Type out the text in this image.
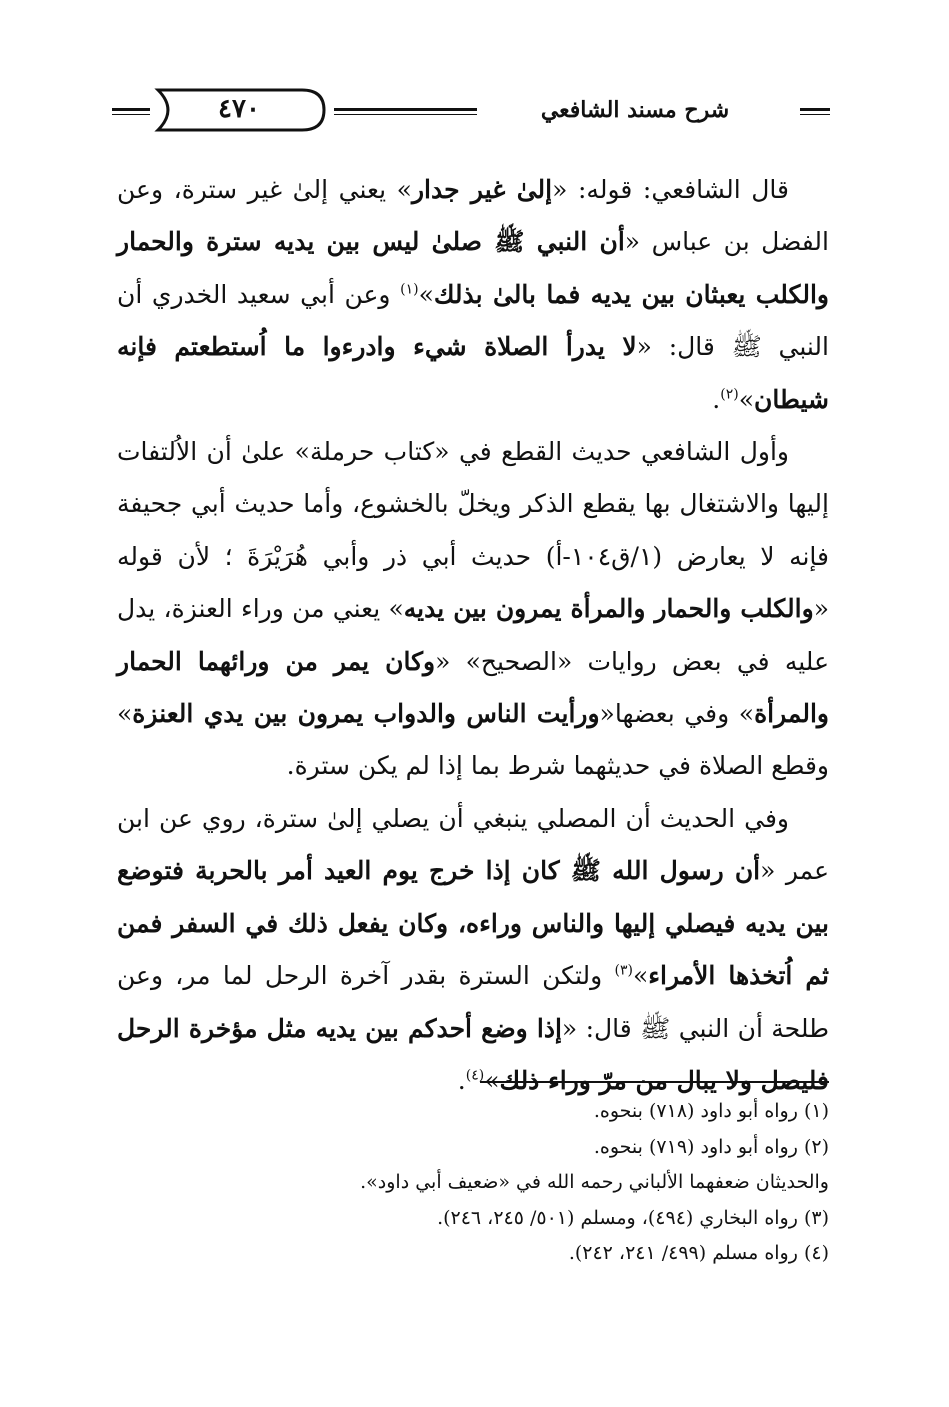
شرح مسند الشافعي
٤٧٠

قال الشافعي: قوله: «إلىٰ غير جدار» يعني إلىٰ غير سترة، وعن الفضل بن عباس «أن النبي ﷺ صلىٰ ليس بين يديه سترة والحمار والكلب يعبثان بين يديه فما بالىٰ بذلك»$^{(١)}$ وعن أبي سعيد الخدري أن النبي ﷺ قال: «لا يدرأ الصلاة شيء وادرءوا ما اُستطعتم فإنه شيطان»$^{(٢)}$.

وأول الشافعي حديث القطع في «كتاب حرملة» علىٰ أن الاُلتفات إليها والاشتغال بها يقطع الذكر ويخلّ بالخشوع، وأما حديث أبي جحيفة فإنه لا يعارض (١/ق١٠٤-أ) حديث أبي ذر وأبي هُرَيْرَةَ ؛ لأن قوله «والكلب والحمار والمرأة يمرون بين يديه» يعني من وراء العنزة، يدل عليه في بعض روايات «الصحيح» «وكان يمر من ورائهما الحمار والمرأة» وفي بعضها«ورأيت الناس والدواب يمرون بين يدي العنزة» وقطع الصلاة في حديثهما شرط بما إذا لم يكن سترة.

وفي الحديث أن المصلي ينبغي أن يصلي إلىٰ سترة، روي عن ابن عمر «أن رسول الله ﷺ كان إذا خرج يوم العيد أمر بالحربة فتوضع بين يديه فيصلي إليها والناس وراءه، وكان يفعل ذلك في السفر فمن ثم اُتخذها الأمراء»$^{(٣)}$ ولتكن السترة بقدر آخرة الرحل لما مر، وعن طلحة أن النبي ﷺ قال: «إذا وضع أحدكم بين يديه مثل مؤخرة الرحل فليصل ولا يبال من مرّ وراء ذلك»$^{(٤)}$.

(١) رواه أبو داود (٧١٨) بنحوه.

(٢) رواه أبو داود (٧١٩) بنحوه.

والحديثان ضعفهما الألباني رحمه الله في «ضعيف أبي داود».

(٣) رواه البخاري (٤٩٤)، ومسلم (٥٠١/ ٢٤٥، ٢٤٦).

(٤) رواه مسلم (٤٩٩/ ٢٤١، ٢٤٢).
